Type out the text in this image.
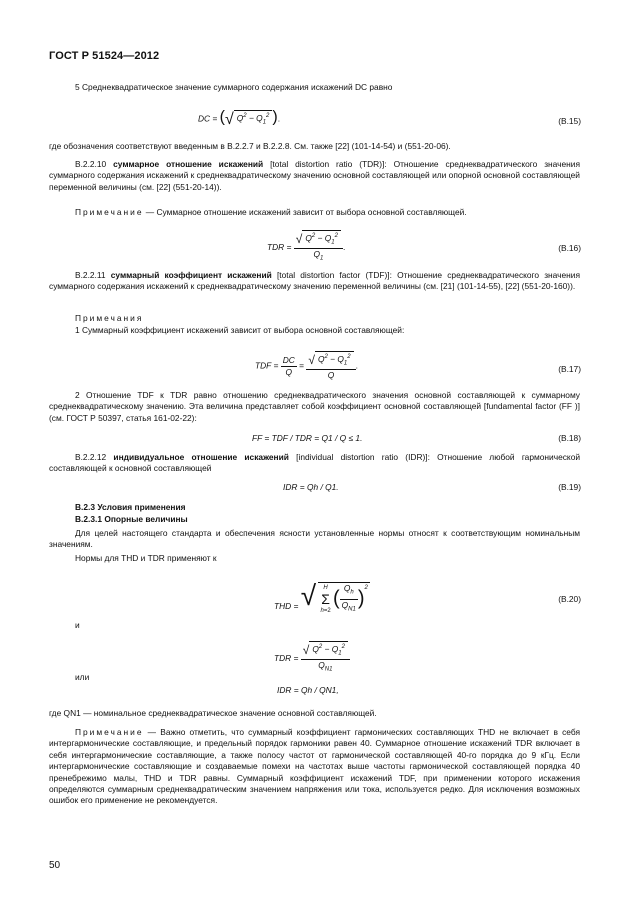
ГОСТ Р 51524—2012
5 Среднеквадратическое значение суммарного содержания искажений DC равно
DC = (√ $Q^2 - Q_1^2$ ).	(B.15)
где обозначения соответствуют введенным в B.2.2.7 и B.2.2.8. См. также [22] (101-14-54) и (551-20-06).
B.2.2.10 суммарное отношение искажений [total distortion ratio (TDR)]: Отношение среднеквадратического значения суммарного содержания искажений к среднеквадратическому значению основной составляющей или опорной основной составляющей переменной величины (см. [22] (551-20-14)).
Примечание — Суммарное отношение искажений зависит от выбора основной составляющей.
TDR = $\frac{√ Q^2 - Q_1^2}{Q_1}$ .	(B.16)
B.2.2.11 суммарный коэффициент искажений [total distortion factor (TDF)]: Отношение среднеквадратического значения суммарного содержания искажений к среднеквадратическому значению переменной величины (см. [21] (101-14-55), [22] (551-20-160)).
Примечания
1 Суммарный коэффициент искажений зависит от выбора основной составляющей:
TDF = $\frac{DC}{Q} = \frac{√ Q^2 - Q_1^2}{Q}$ .	(B.17)
2 Отношение TDF к TDR равно отношению среднеквадратического значения основной составляющей к суммарному среднеквадратическому значению. Эта величина представляет собой коэффициент основной составляющей [fundamental factor (FF )] (см. ГОСТ Р 50397, статья 161-02-22):
FF = TDF / TDR = Q1 / Q ≤ 1.	(B.18)
B.2.2.12 индивидуальное отношение искажений [individual distortion ratio (IDR)]: Отношение любой гармонической составляющей к основной составляющей
IDR = Qh / Q1.	(B.19)
B.2.3 Условия применения
B.2.3.1 Опорные величины
Для целей настоящего стандарта и обеспечения ясности установленные нормы относят к соответствующим номинальным значениям.
Нормы для THD и TDR применяют к
THD = √ H
Σ
h=2 ( $\frac{Q_h}{Q_{N1}} )^2$
(B.20)
и
TDR = $\frac{√ Q^2 - Q_1^2}{Q_{N1}}$
или
IDR = Qh / QN1,
где QN1 — номинальное среднеквадратическое значение основной составляющей.
Примечание — Важно отметить, что суммарный коэффициент гармонических составляющих THD не включает в себя интергармонические составляющие, и предельный порядок гармоники равен 40. Суммарное отношение искажений TDR включает в себя интергармонические составляющие, а также полосу частот от гармонической составляющей 40-го порядка до 9 кГц. Если интергармонические составляющие и создаваемые помехи на частотах выше частоты гармонической составляющей порядка 40 пренебрежимо малы, THD и TDR равны. Суммарный коэффициент искажений TDF, при применении которого искажения определяются суммарным среднеквадратическим значением напряжения или тока, используется редко. Для исключения возможных ошибок его применение не рекомендуется.
50
